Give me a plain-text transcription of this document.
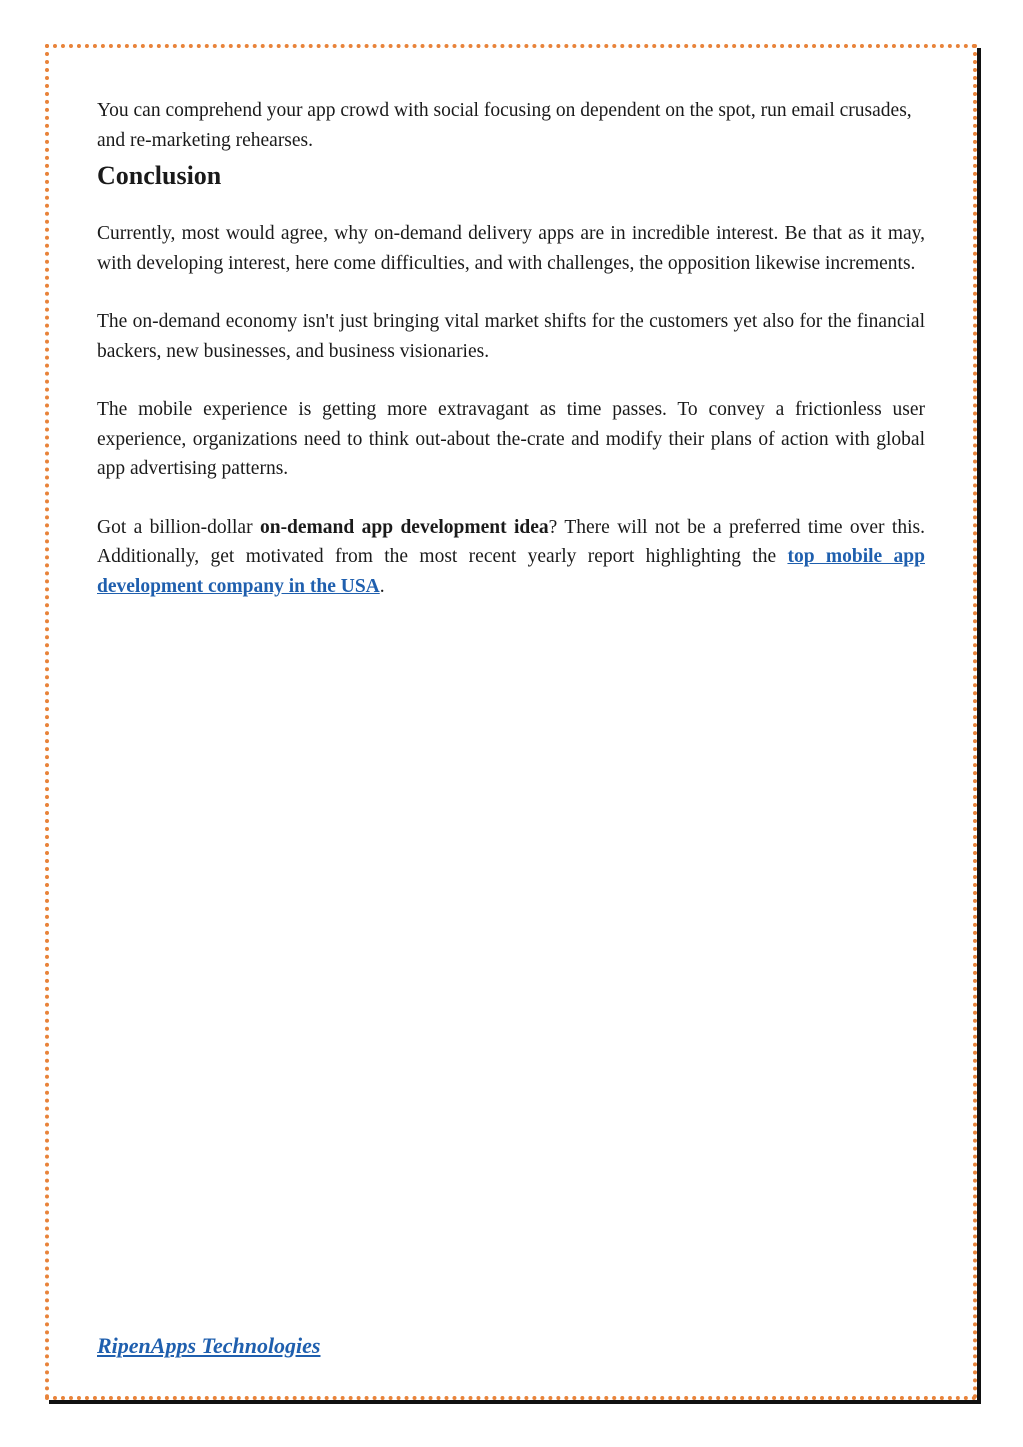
You can comprehend your app crowd with social focusing on dependent on the spot, run email crusades, and re-marketing rehearses.

Conclusion

Currently, most would agree, why on-demand delivery apps are in incredible interest. Be that as it may, with developing interest, here come difficulties, and with challenges, the opposition likewise increments.

The on-demand economy isn't just bringing vital market shifts for the customers yet also for the financial backers, new businesses, and business visionaries.

The mobile experience is getting more extravagant as time passes. To convey a frictionless user experience, organizations need to think out-about the-crate and modify their plans of action with global app advertising patterns.

Got a billion-dollar on-demand app development idea? There will not be a preferred time over this. Additionally, get motivated from the most recent yearly report highlighting the top mobile app development company in the USA.

RipenApps Technologies
